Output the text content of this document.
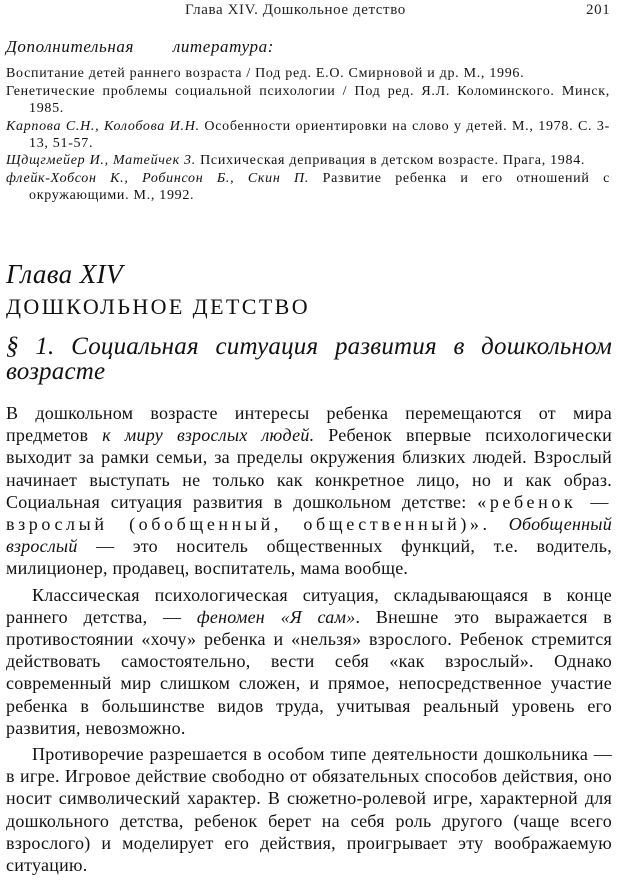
Глава XIV. Дошкольное детство	201
Дополнительная        литература:
Воспитание детей раннего возраста / Под ред. Е.О. Смирновой и др. М., 1996.
Генетические проблемы социальной психологии / Под ред. Я.Л. Коломинского. Минск, 1985.
Карпова С.Н., Колобова И.Н. Особенности ориентировки на слово у детей. М., 1978. С. 3-13, 51-57.
Щдщгмейер И., Матейчек 3. Психическая депривация в детском возрасте. Прага, 1984.
флейк-Хобсон К., Робинсон Б., Скин П. Развитие ребенка и его отношений с окружающими. М., 1992.
Глава XIV
ДОШКОЛЬНОЕ ДЕТСТВО
§ 1. Социальная ситуация развития в дошкольном возрасте

В дошкольном возрасте интересы ребенка перемещаются от мира предметов к миру взрослых людей. Ребенок впервые психологически выходит за рамки семьи, за пределы окружения близких людей. Взрослый начинает выступать не только как конкретное лицо, но и как образ. Социальная ситуация развития в дошкольном детстве: «ребенок — взрослый (обобщенный, общественный)». Обобщенный взрослый — это носитель общественных функций, т.е. водитель, милиционер, продавец, воспитатель, мама вообще.

Классическая психологическая ситуация, складывающаяся в конце раннего детства, — феномен «Я сам». Внешне это выражается в противостоянии «хочу» ребенка и «нельзя» взрослого. Ребенок стремится действовать самостоятельно, вести себя «как взрослый». Однако современный мир слишком сложен, и прямое, непосредственное участие ребенка в большинстве видов труда, учитывая реальный уровень его развития, невозможно.

Противоречие разрешается в особом типе деятельности дошкольника — в игре. Игровое действие свободно от обязательных способов действия, оно носит символический характер. В сюжетно-ролевой игре, характерной для дошкольного детства, ребенок берет на себя роль другого (чаще всего взрослого) и моделирует его действия, проигрывает эту воображаемую ситуацию.
